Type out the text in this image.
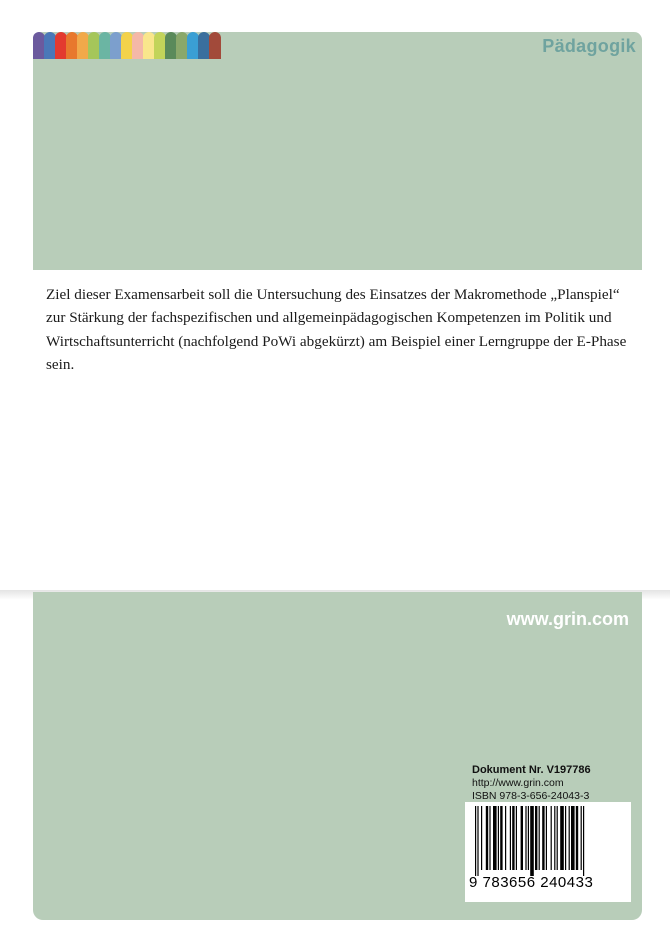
Pädagogik

Ziel dieser Examensarbeit soll die Untersuchung des Einsatzes der Makromethode „Planspiel“ zur Stärkung der fachspezifischen und allgemeinpädagogischen Kompetenzen im Politik und Wirtschaftsunterricht (nachfolgend PoWi abgekürzt) am Beispiel einer Lerngruppe der E-Phase sein.

www.grin.com
Dokument Nr. V197786
http://www.grin.com
ISBN 978-3-656-24043-3
9 783656 240433
